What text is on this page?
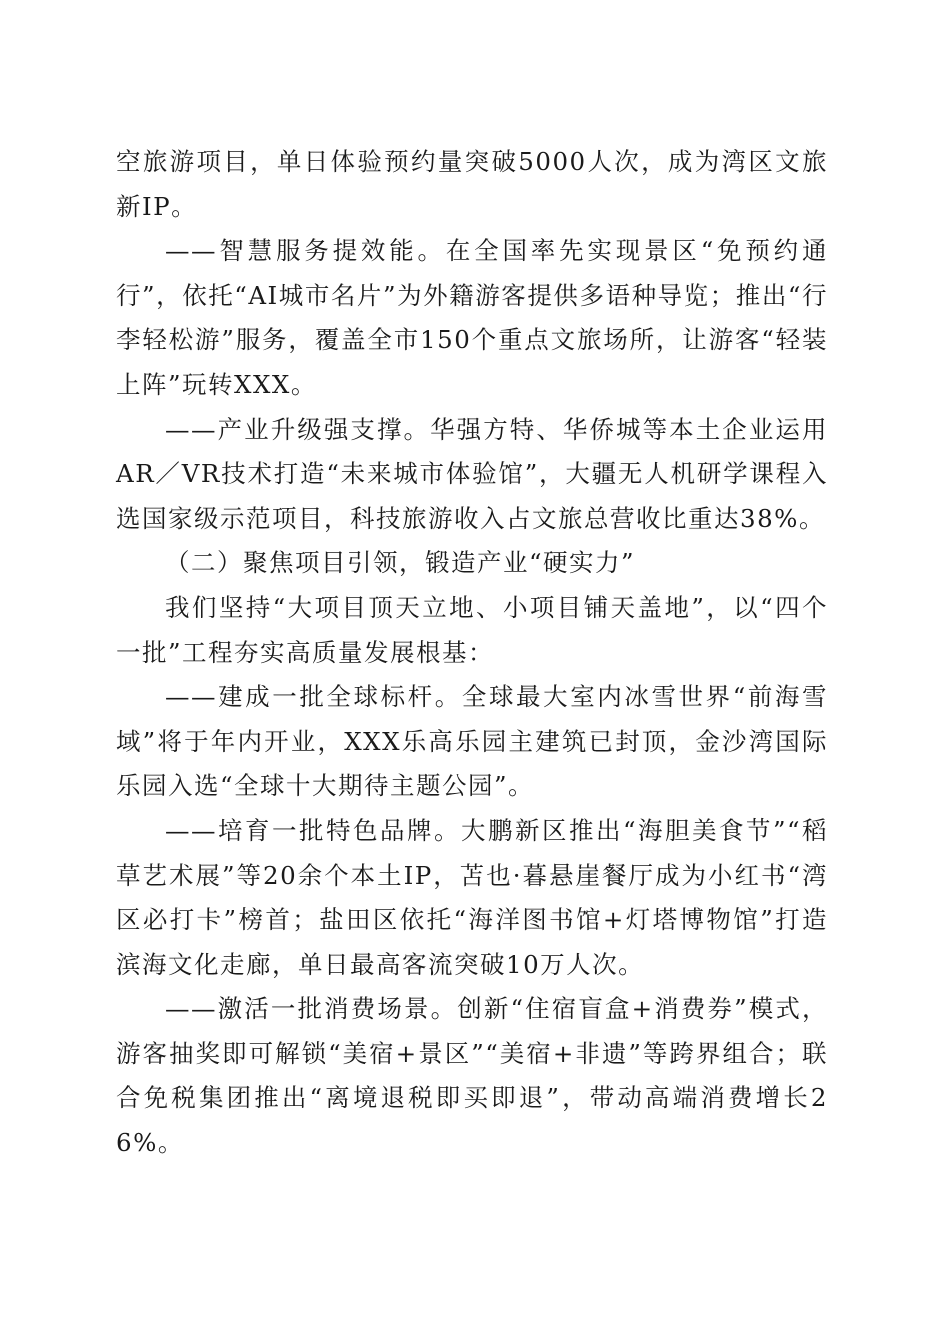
空旅游项目，单日体验预约量突破5000人次，成为湾区文旅新IP。

——智慧服务提效能。在全国率先实现景区“免预约通行”，依托“AI城市名片”为外籍游客提供多语种导览；推出“行李轻松游”服务，覆盖全市150个重点文旅场所，让游客“轻装上阵”玩转XXX。

——产业升级强支撑。华强方特、华侨城等本土企业运用AR／VR技术打造“未来城市体验馆”，大疆无人机研学课程入选国家级示范项目，科技旅游收入占文旅总营收比重达38%。

（二）聚焦项目引领，锻造产业“硬实力”

我们坚持“大项目顶天立地、小项目铺天盖地”，以“四个一批”工程夯实高质量发展根基：

——建成一批全球标杆。全球最大室内冰雪世界“前海雪域”将于年内开业，XXX乐高乐园主建筑已封顶，金沙湾国际乐园入选“全球十大期待主题公园”。

——培育一批特色品牌。大鹏新区推出“海胆美食节”“稻草艺术展”等20余个本土IP，苫也·暮悬崖餐厅成为小红书“湾区必打卡”榜首；盐田区依托“海洋图书馆+灯塔博物馆”打造滨海文化走廊，单日最高客流突破10万人次。

——激活一批消费场景。创新“住宿盲盒+消费券”模式，游客抽奖即可解锁“美宿+景区”“美宿+非遗”等跨界组合；联合免税集团推出“离境退税即买即退”，带动高端消费增长26%。
